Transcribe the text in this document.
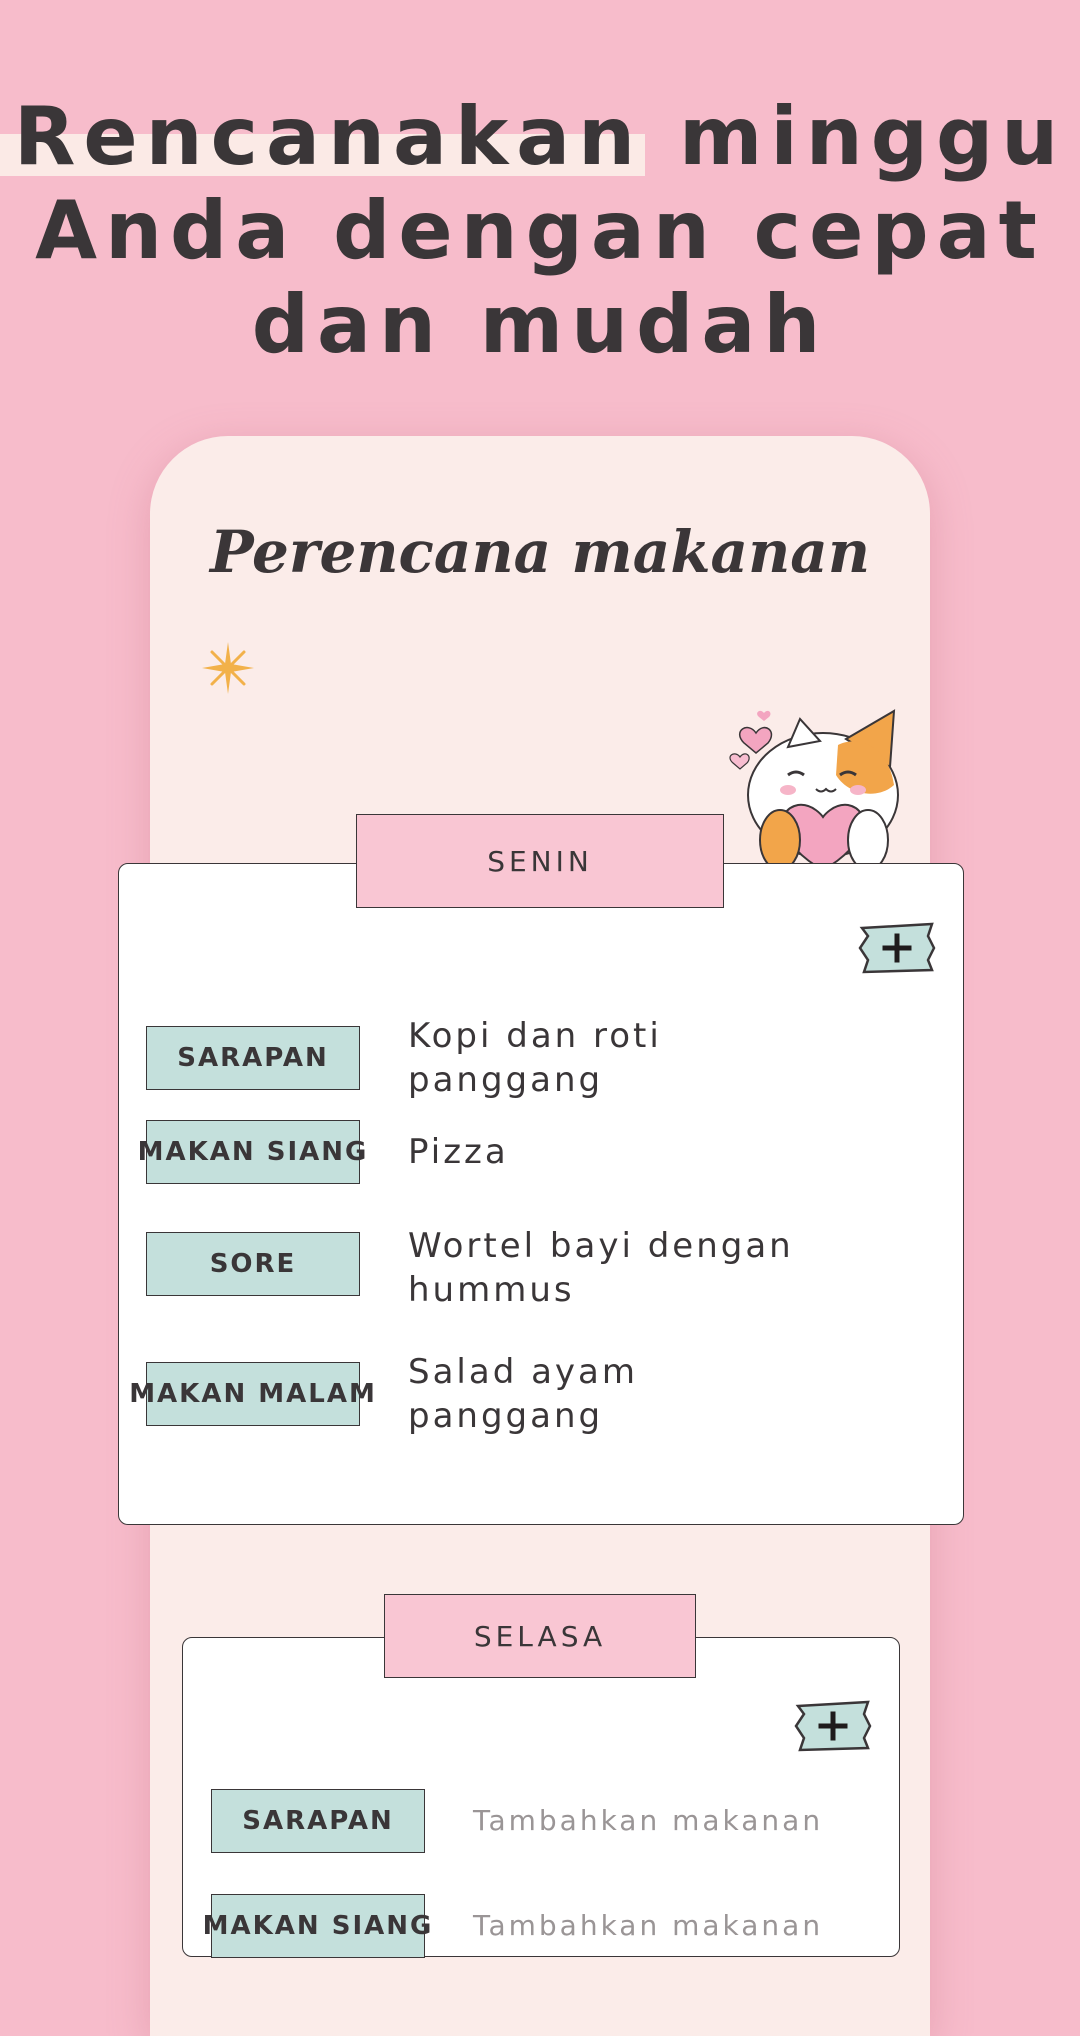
Rencanakan minggu
Anda dengan cepat
dan mudah
Perencana makanan
SENIN
SARAPAN
Kopi dan roti panggang
MAKAN SIANG Pizza
SORE	Wortel bayi dengan hummus
MAKAN MALAM
Salad ayam panggang
SELASA
SARAPAN	Tambahkan makanan
MAKAN SIANG Tambahkan makanan
